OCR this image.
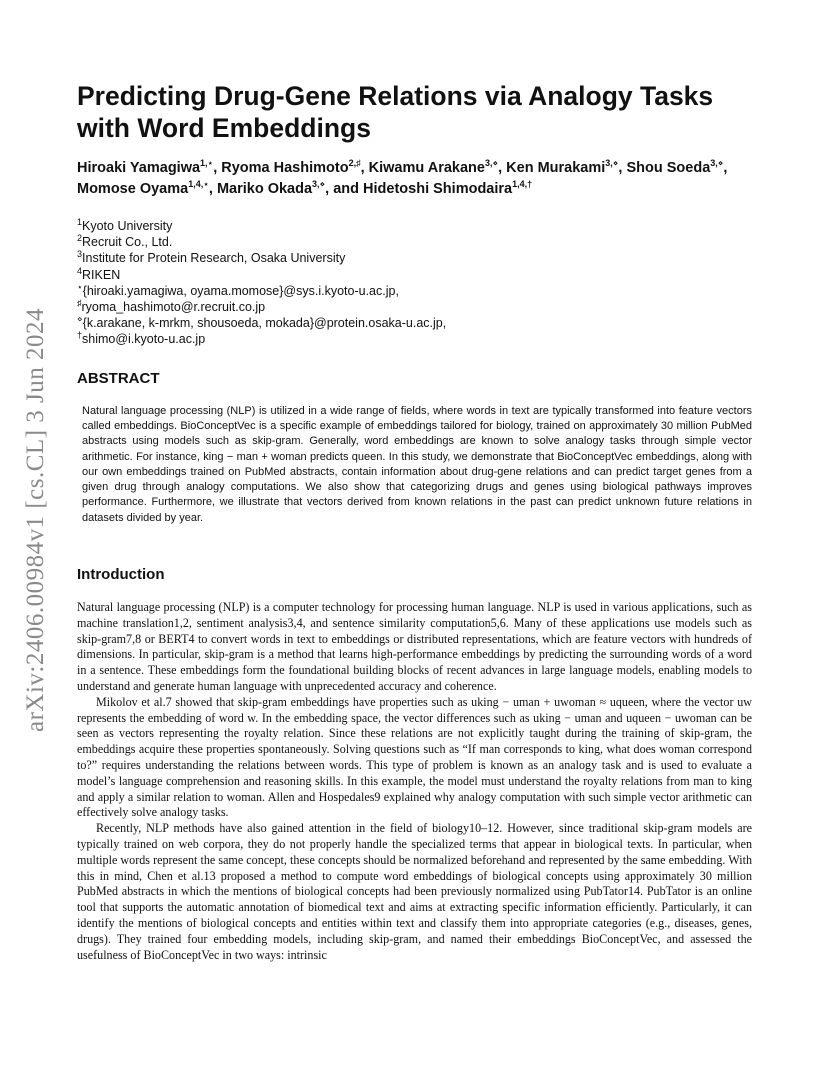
arXiv:2406.00984v1 [cs.CL] 3 Jun 2024
Predicting Drug-Gene Relations via Analogy Tasks with Word Embeddings
Hiroaki Yamagiwa$^{1,⋆}$, Ryoma Hashimoto$^{2,♯}$, Kiwamu Arakane$^{3,⋄}$, Ken Murakami$^{3,⋄}$, Shou Soeda$^{3,⋄}$, Momose Oyama$^{1,4,⋆}$, Mariko Okada$^{3,⋄}$, and Hidetoshi Shimodaira$^{1,4,\dagger}$
$^1$Kyoto University
$^2$Recruit Co., Ltd.
$^3$Institute for Protein Research, Osaka University
$^4$RIKEN
⋆{hiroaki.yamagiwa, oyama.momose}@sys.i.kyoto-u.ac.jp,
♯ryoma_hashimoto@r.recruit.co.jp
⋄{k.arakane, k-mrkm, shousoeda, mokada}@protein.osaka-u.ac.jp,
†shimo@i.kyoto-u.ac.jp
ABSTRACT
Natural language processing (NLP) is utilized in a wide range of fields, where words in text are typically transformed into feature vectors called embeddings. BioConceptVec is a specific example of embeddings tailored for biology, trained on approximately 30 million PubMed abstracts using models such as skip-gram. Generally, word embeddings are known to solve analogy tasks through simple vector arithmetic. For instance, king − man + woman predicts queen. In this study, we demonstrate that BioConceptVec embeddings, along with our own embeddings trained on PubMed abstracts, contain information about drug-gene relations and can predict target genes from a given drug through analogy computations. We also show that categorizing drugs and genes using biological pathways improves performance. Furthermore, we illustrate that vectors derived from known relations in the past can predict unknown future relations in datasets divided by year.
Introduction

Natural language processing (NLP) is a computer technology for processing human language. NLP is used in various applications, such as machine translation1,2, sentiment analysis3,4, and sentence similarity computation5,6. Many of these applications use models such as skip-gram7,8 or BERT4 to convert words in text to embeddings or distributed representations, which are feature vectors with hundreds of dimensions. In particular, skip-gram is a method that learns high-performance embeddings by predicting the surrounding words of a word in a sentence. These embeddings form the foundational building blocks of recent advances in large language models, enabling models to understand and generate human language with unprecedented accuracy and coherence.

Mikolov et al.7 showed that skip-gram embeddings have properties such as uking − uman + uwoman ≈ uqueen, where the vector uw represents the embedding of word w. In the embedding space, the vector differences such as uking − uman and uqueen − uwoman can be seen as vectors representing the royalty relation. Since these relations are not explicitly taught during the training of skip-gram, the embeddings acquire these properties spontaneously. Solving questions such as “If man corresponds to king, what does woman correspond to?” requires understanding the relations between words. This type of problem is known as an analogy task and is used to evaluate a model’s language comprehension and reasoning skills. In this example, the model must understand the royalty relations from man to king and apply a similar relation to woman. Allen and Hospedales9 explained why analogy computation with such simple vector arithmetic can effectively solve analogy tasks.

Recently, NLP methods have also gained attention in the field of biology10–12. However, since traditional skip-gram models are typically trained on web corpora, they do not properly handle the specialized terms that appear in biological texts. In particular, when multiple words represent the same concept, these concepts should be normalized beforehand and represented by the same embedding. With this in mind, Chen et al.13 proposed a method to compute word embeddings of biological concepts using approximately 30 million PubMed abstracts in which the mentions of biological concepts had been previously normalized using PubTator14. PubTator is an online tool that supports the automatic annotation of biomedical text and aims at extracting specific information efficiently. Particularly, it can identify the mentions of biological concepts and entities within text and classify them into appropriate categories (e.g., diseases, genes, drugs). They trained four embedding models, including skip-gram, and named their embeddings BioConceptVec, and assessed the usefulness of BioConceptVec in two ways: intrinsic
